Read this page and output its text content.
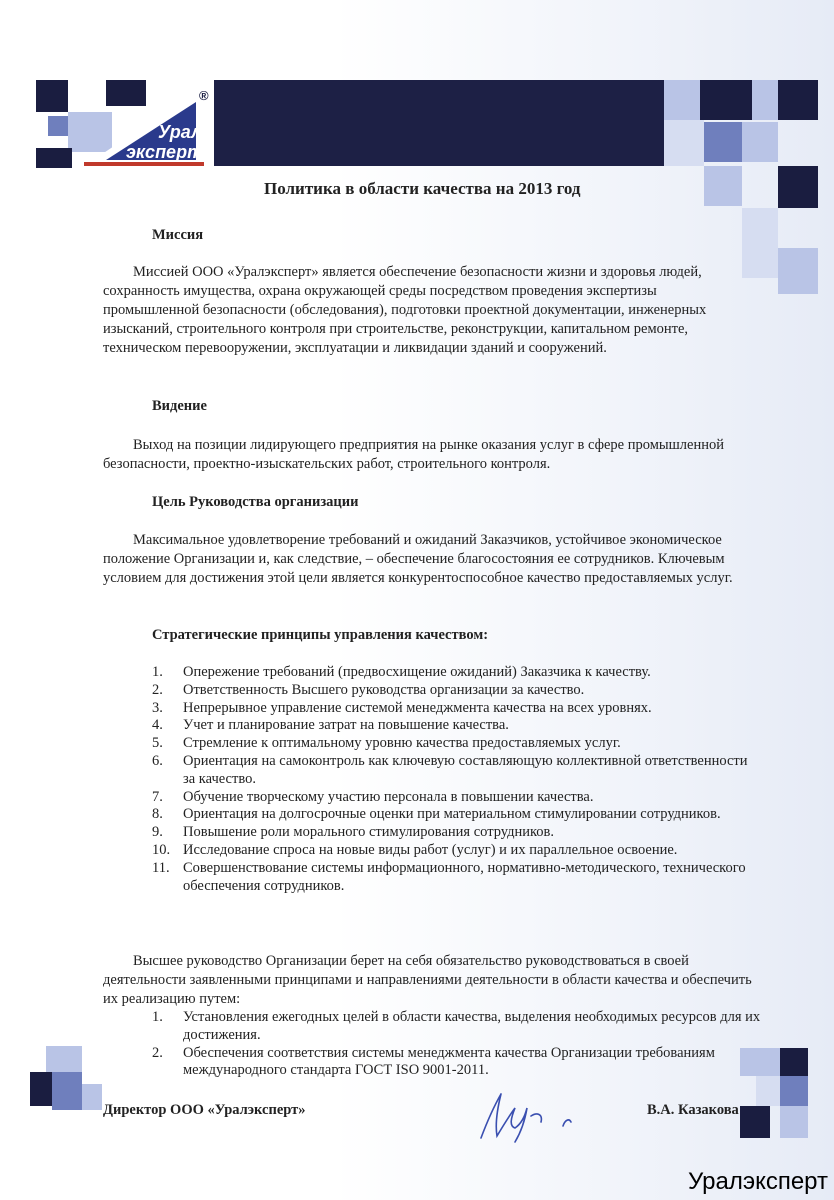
Урал
эксперт
®
Политика в области качества на 2013 год
Миссия
Миссией ООО «Уралэксперт» является обеспечение безопасности жизни и здоровья людей, сохранность имущества, охрана окружающей среды посредством проведения экспертизы промышленной безопасности (обследования), подготовки проектной документации, инженерных изысканий, строительного контроля при строительстве, реконструкции, капитальном ремонте, техническом перевооружении, эксплуатации и ликвидации зданий и сооружений.
Видение
Выход на позиции лидирующего предприятия на рынке оказания услуг в сфере промышленной безопасности, проектно-изыскательских работ, строительного контроля.
Цель Руководства организации
Максимальное удовлетворение требований и ожиданий Заказчиков, устойчивое экономическое положение Организации и, как следствие, – обеспечение благосостояния ее сотрудников. Ключевым условием для достижения этой цели является конкурентоспособное качество предоставляемых услуг.
Стратегические принципы управления качеством:
1. Опережение требований (предвосхищение ожиданий) Заказчика к качеству.
2. Ответственность Высшего руководства организации за качество.
3. Непрерывное управление системой менеджмента качества на всех уровнях.
4. Учет и планирование затрат на повышение качества.
5. Стремление к оптимальному уровню качества предоставляемых услуг.
6. Ориентация на самоконтроль как ключевую составляющую коллективной ответственности за качество.
7. Обучение творческому участию персонала в повышении качества.
8. Ориентация на долгосрочные оценки при материальном стимулировании сотрудников.
9. Повышение роли морального стимулирования сотрудников.
10. Исследование спроса на новые виды работ (услуг) и их параллельное освоение.
11. Совершенствование системы информационного, нормативно-методического, технического обеспечения сотрудников.
Высшее руководство Организации берет на себя обязательство руководствоваться в своей деятельности заявленными принципами и направлениями деятельности в области качества и обеспечить их реализацию путем:
1. Установления ежегодных целей в области качества, выделения необходимых ресурсов для их достижения.
2. Обеспечения соответствия системы менеджмента качества Организации требованиям международного стандарта ГОСТ ISO 9001-2011.
Директор ООО «Уралэксперт»	В.А. Казакова
Уралэксперт
